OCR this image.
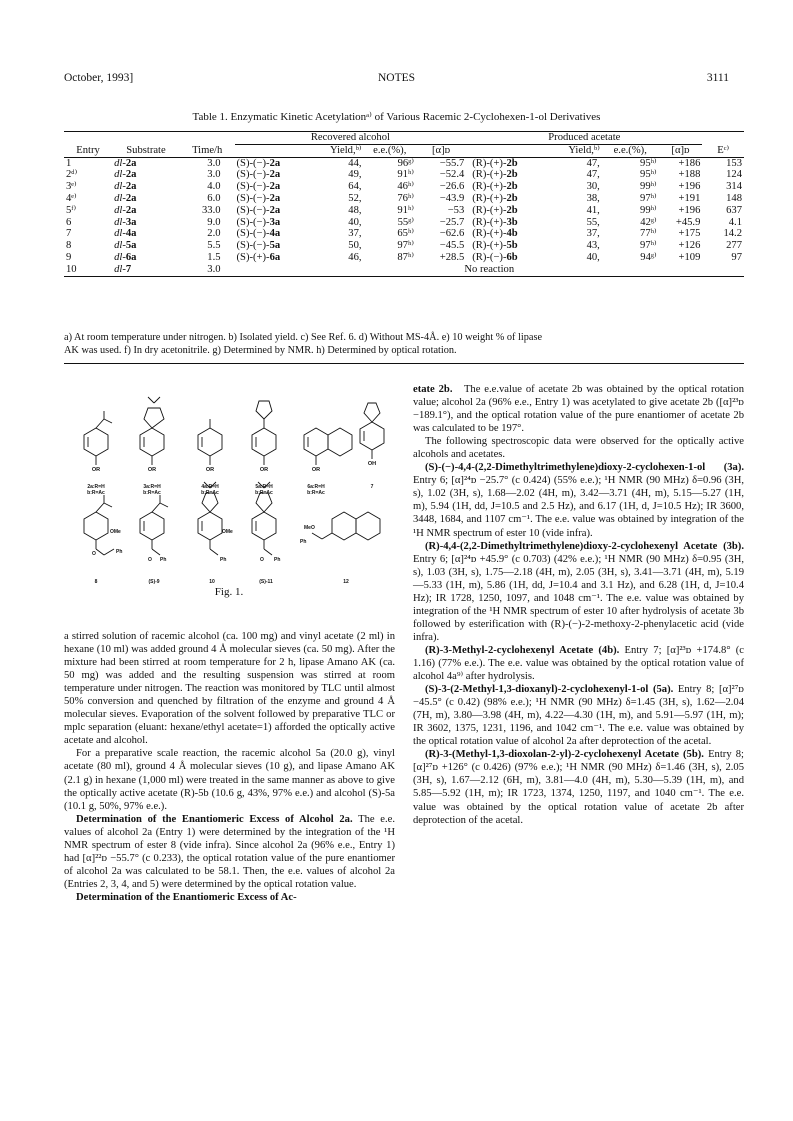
October, 1993]	NOTES	3111
Table 1. Enzymatic Kinetic Acetylationᵃ⁾ of Various Racemic 2-Cyclohexen-1-ol Derivatives
Entry	Substrate	Time/h	Recovered alcohol				Produced acetate				Eᶜ⁾
				Yield,ᵇ⁾	e.e.(%),	[α]ᴅ		Yield,ᵇ⁾	e.e.(%),	[α]ᴅ	
1	dl-2a	3.0	(S)-(−)-2a	44,	96ᵍ⁾	−55.7	(R)-(+)-2b	47,	95ʰ⁾	+186	153
2ᵈ⁾	dl-2a	3.0	(S)-(−)-2a	49,	91ʰ⁾	−52.4	(R)-(+)-2b	47,	95ʰ⁾	+188	124
3ᵉ⁾	dl-2a	4.0	(S)-(−)-2a	64,	46ʰ⁾	−26.6	(R)-(+)-2b	30,	99ʰ⁾	+196	314
4ᵉ⁾	dl-2a	6.0	(S)-(−)-2a	52,	76ʰ⁾	−43.9	(R)-(+)-2b	38,	97ʰ⁾	+191	148
5ᶠ⁾	dl-2a	33.0	(S)-(−)-2a	48,	91ʰ⁾	−53	(R)-(+)-2b	41,	99ʰ⁾	+196	637
6	dl-3a	9.0	(S)-(−)-3a	40,	55ᵍ⁾	−25.7	(R)-(+)-3b	55,	42ᵍ⁾	+45.9	4.1
7	dl-4a	2.0	(S)-(−)-4a	37,	65ʰ⁾	−62.6	(R)-(+)-4b	37,	77ʰ⁾	+175	14.2
8	dl-5a	5.5	(S)-(−)-5a	50,	97ʰ⁾	−45.5	(R)-(+)-5b	43,	97ʰ⁾	+126	277
9	dl-6a	1.5	(S)-(+)-6a	46,	87ʰ⁾	+28.5	(R)-(−)-6b	40,	94ᵍ⁾	+109	97
10	dl-7	3.0	No reaction								
a) At room temperature under nitrogen. b) Isolated yield. c) See Ref. 6. d) Without MS-4Å. e) 10 weight % of lipase
AK was used. f) In dry acetonitrile. g) Determined by NMR. h) Determined by optical rotation.
OR	OR	OR	OR	OR
OH
2a:R=H
b:R=Ac
3a:R=H
b:R=Ac
4a:R=H
b:R=Ac
5a:R=H
b:R=Ac
6a:R=H
b:R=Ac
7
OMe
Ph
O
Ph
O
OMe
Ph	Ph
O
MeO
Ph
8	(S)-9	10	(S)-11	12
Fig. 1.

a stirred solution of racemic alcohol (ca. 100 mg) and vinyl acetate (2 ml) in hexane (10 ml) was added ground 4 Å molecular sieves (ca. 50 mg). After the mixture had been stirred at room temperature for 2 h, lipase Amano AK (ca. 50 mg) was added and the resulting suspension was stirred at room temperature under nitrogen. The reaction was monitored by TLC until almost 50% conversion and quenched by filtration of the enzyme and ground 4 Å molecular sieves. Evaporation of the solvent followed by preparative TLC or mplc separation (eluant: hexane/ethyl acetate=1) afforded the optically active acetate and alcohol.

For a preparative scale reaction, the racemic alcohol 5a (20.0 g), vinyl acetate (80 ml), ground 4 Å molecular sieves (10 g), and lipase Amano AK (2.1 g) in hexane (1,000 ml) were treated in the same manner as above to give the optically active acetate (R)-5b (10.6 g, 43%, 97% e.e.) and alcohol (S)-5a (10.1 g, 50%, 97% e.e.).

Determination of the Enantiomeric Excess of Alcohol 2a. The e.e. values of alcohol 2a (Entry 1) were determined by the integration of the ¹H NMR spectrum of ester 8 (vide infra). Since alcohol 2a (96% e.e., Entry 1) had [α]²²ᴅ −55.7° (c 0.233), the optical rotation value of the pure enantiomer of alcohol 2a was calculated to be 58.1. Then, the e.e. values of alcohol 2a (Entries 2, 3, 4, and 5) were determined by the optical rotation value.

Determination of the Enantiomeric Excess of Ac-

etate 2b. The e.e.value of acetate 2b was obtained by the optical rotation value; alcohol 2a (96% e.e., Entry 1) was acetylated to give acetate 2b ([α]²³ᴅ −189.1°), and the optical rotation value of the pure enantiomer of acetate 2b was calculated to be 197°.

The following spectroscopic data were observed for the optically active alcohols and acetates.

(S)-(−)-4,4-(2,2-Dimethyltrimethylene)dioxy-2-cyclohexen-1-ol (3a). Entry 6; [α]²⁴ᴅ −25.7° (c 0.424) (55% e.e.); ¹H NMR (90 MHz) δ=0.96 (3H, s), 1.02 (3H, s), 1.68—2.02 (4H, m), 3.42—3.71 (4H, m), 5.15—5.27 (1H, m), 5.94 (1H, dd, J=10.5 and 2.5 Hz), and 6.17 (1H, d, J=10.5 Hz); IR 3600, 3448, 1684, and 1107 cm⁻¹. The e.e. value was obtained by integration of the ¹H NMR spectrum of ester 10 (vide infra).

(R)-4,4-(2,2-Dimethyltrimethylene)dioxy-2-cyclohexenyl Acetate (3b). Entry 6; [α]²⁴ᴅ +45.9° (c 0.703) (42% e.e.); ¹H NMR (90 MHz) δ=0.95 (3H, s), 1.03 (3H, s), 1.75—2.18 (4H, m), 2.05 (3H, s), 3.41—3.71 (4H, m), 5.19—5.33 (1H, m), 5.86 (1H, dd, J=10.4 and 3.1 Hz), and 6.28 (1H, d, J=10.4 Hz); IR 1728, 1250, 1097, and 1048 cm⁻¹. The e.e. value was obtained by integration of the ¹H NMR spectrum of ester 10 after hydrolysis of acetate 3b followed by esterification with (R)-(−)-2-methoxy-2-phenylacetic acid (vide infra).

(R)-3-Methyl-2-cyclohexenyl Acetate (4b). Entry 7; [α]²³ᴅ +174.8° (c 1.16) (77% e.e.). The e.e. value was obtained by the optical rotation value of alcohol 4a⁹⁾ after hydrolysis.

(S)-3-(2-Methyl-1,3-dioxanyl)-2-cyclohexenyl-1-ol (5a). Entry 8; [α]²⁷ᴅ −45.5° (c 0.42) (98% e.e.); ¹H NMR (90 MHz) δ=1.45 (3H, s), 1.62—2.04 (7H, m), 3.80—3.98 (4H, m), 4.22—4.30 (1H, m), and 5.91—5.97 (1H, m); IR 3602, 1375, 1231, 1196, and 1042 cm⁻¹. The e.e. value was obtained by the optical rotation value of alcohol 2a after deprotection of the acetal.

(R)-3-(Methyl-1,3-dioxolan-2-yl)-2-cyclohexenyl Acetate (5b). Entry 8; [α]²⁷ᴅ +126° (c 0.426) (97% e.e.); ¹H NMR (90 MHz) δ=1.46 (3H, s), 2.05 (3H, s), 1.67—2.12 (6H, m), 3.81—4.0 (4H, m), 5.30—5.39 (1H, m), and 5.85—5.92 (1H, m); IR 1723, 1374, 1250, 1197, and 1040 cm⁻¹. The e.e. value was obtained by the optical rotation value of acetate 2b after deprotection of the acetal.
